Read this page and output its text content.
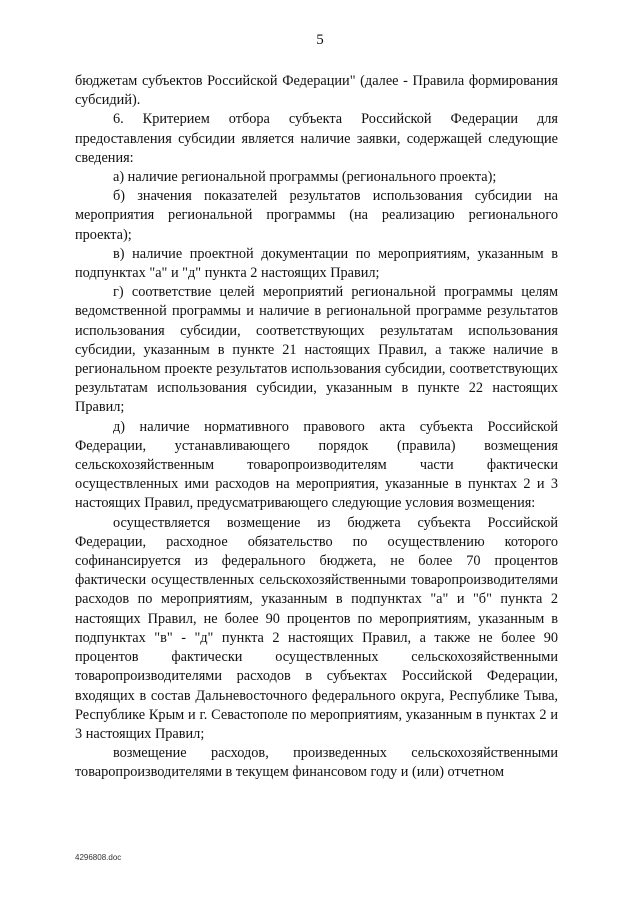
5

бюджетам субъектов Российской Федерации" (далее - Правила формирования субсидий).

6. Критерием отбора субъекта Российской Федерации для предоставления субсидии является наличие заявки, содержащей следующие сведения:

а) наличие региональной программы (регионального проекта);

б) значения показателей результатов использования субсидии на мероприятия региональной программы (на реализацию регионального проекта);

в) наличие проектной документации по мероприятиям, указанным в подпунктах "а" и "д" пункта 2 настоящих Правил;

г) соответствие целей мероприятий региональной программы целям ведомственной программы и наличие в региональной программе результатов использования субсидии, соответствующих результатам использования субсидии, указанным в пункте 21 настоящих Правил, а также наличие в региональном проекте результатов использования субсидии, соответствующих результатам использования субсидии, указанным в пункте 22 настоящих Правил;

д) наличие нормативного правового акта субъекта Российской Федерации, устанавливающего порядок (правила) возмещения сельскохозяйственным товаропроизводителям части фактически осуществленных ими расходов на мероприятия, указанные в пунктах 2 и 3 настоящих Правил, предусматривающего следующие условия возмещения:

осуществляется возмещение из бюджета субъекта Российской Федерации, расходное обязательство по осуществлению которого софинансируется из федерального бюджета, не более 70 процентов фактически осуществленных сельскохозяйственными товаропроизводителями расходов по мероприятиям, указанным в подпунктах "а" и "б" пункта 2 настоящих Правил, не более 90 процентов по мероприятиям, указанным в подпунктах "в" - "д" пункта 2 настоящих Правил, а также не более 90 процентов фактически осуществленных сельскохозяйственными товаропроизводителями расходов в субъектах Российской Федерации, входящих в состав Дальневосточного федерального округа, Республике Тыва, Республике Крым и г. Севастополе по мероприятиям, указанным в пунктах 2 и 3 настоящих Правил;

возмещение расходов, произведенных сельскохозяйственными товаропроизводителями в текущем финансовом году и (или) отчетном

4296808.doc
